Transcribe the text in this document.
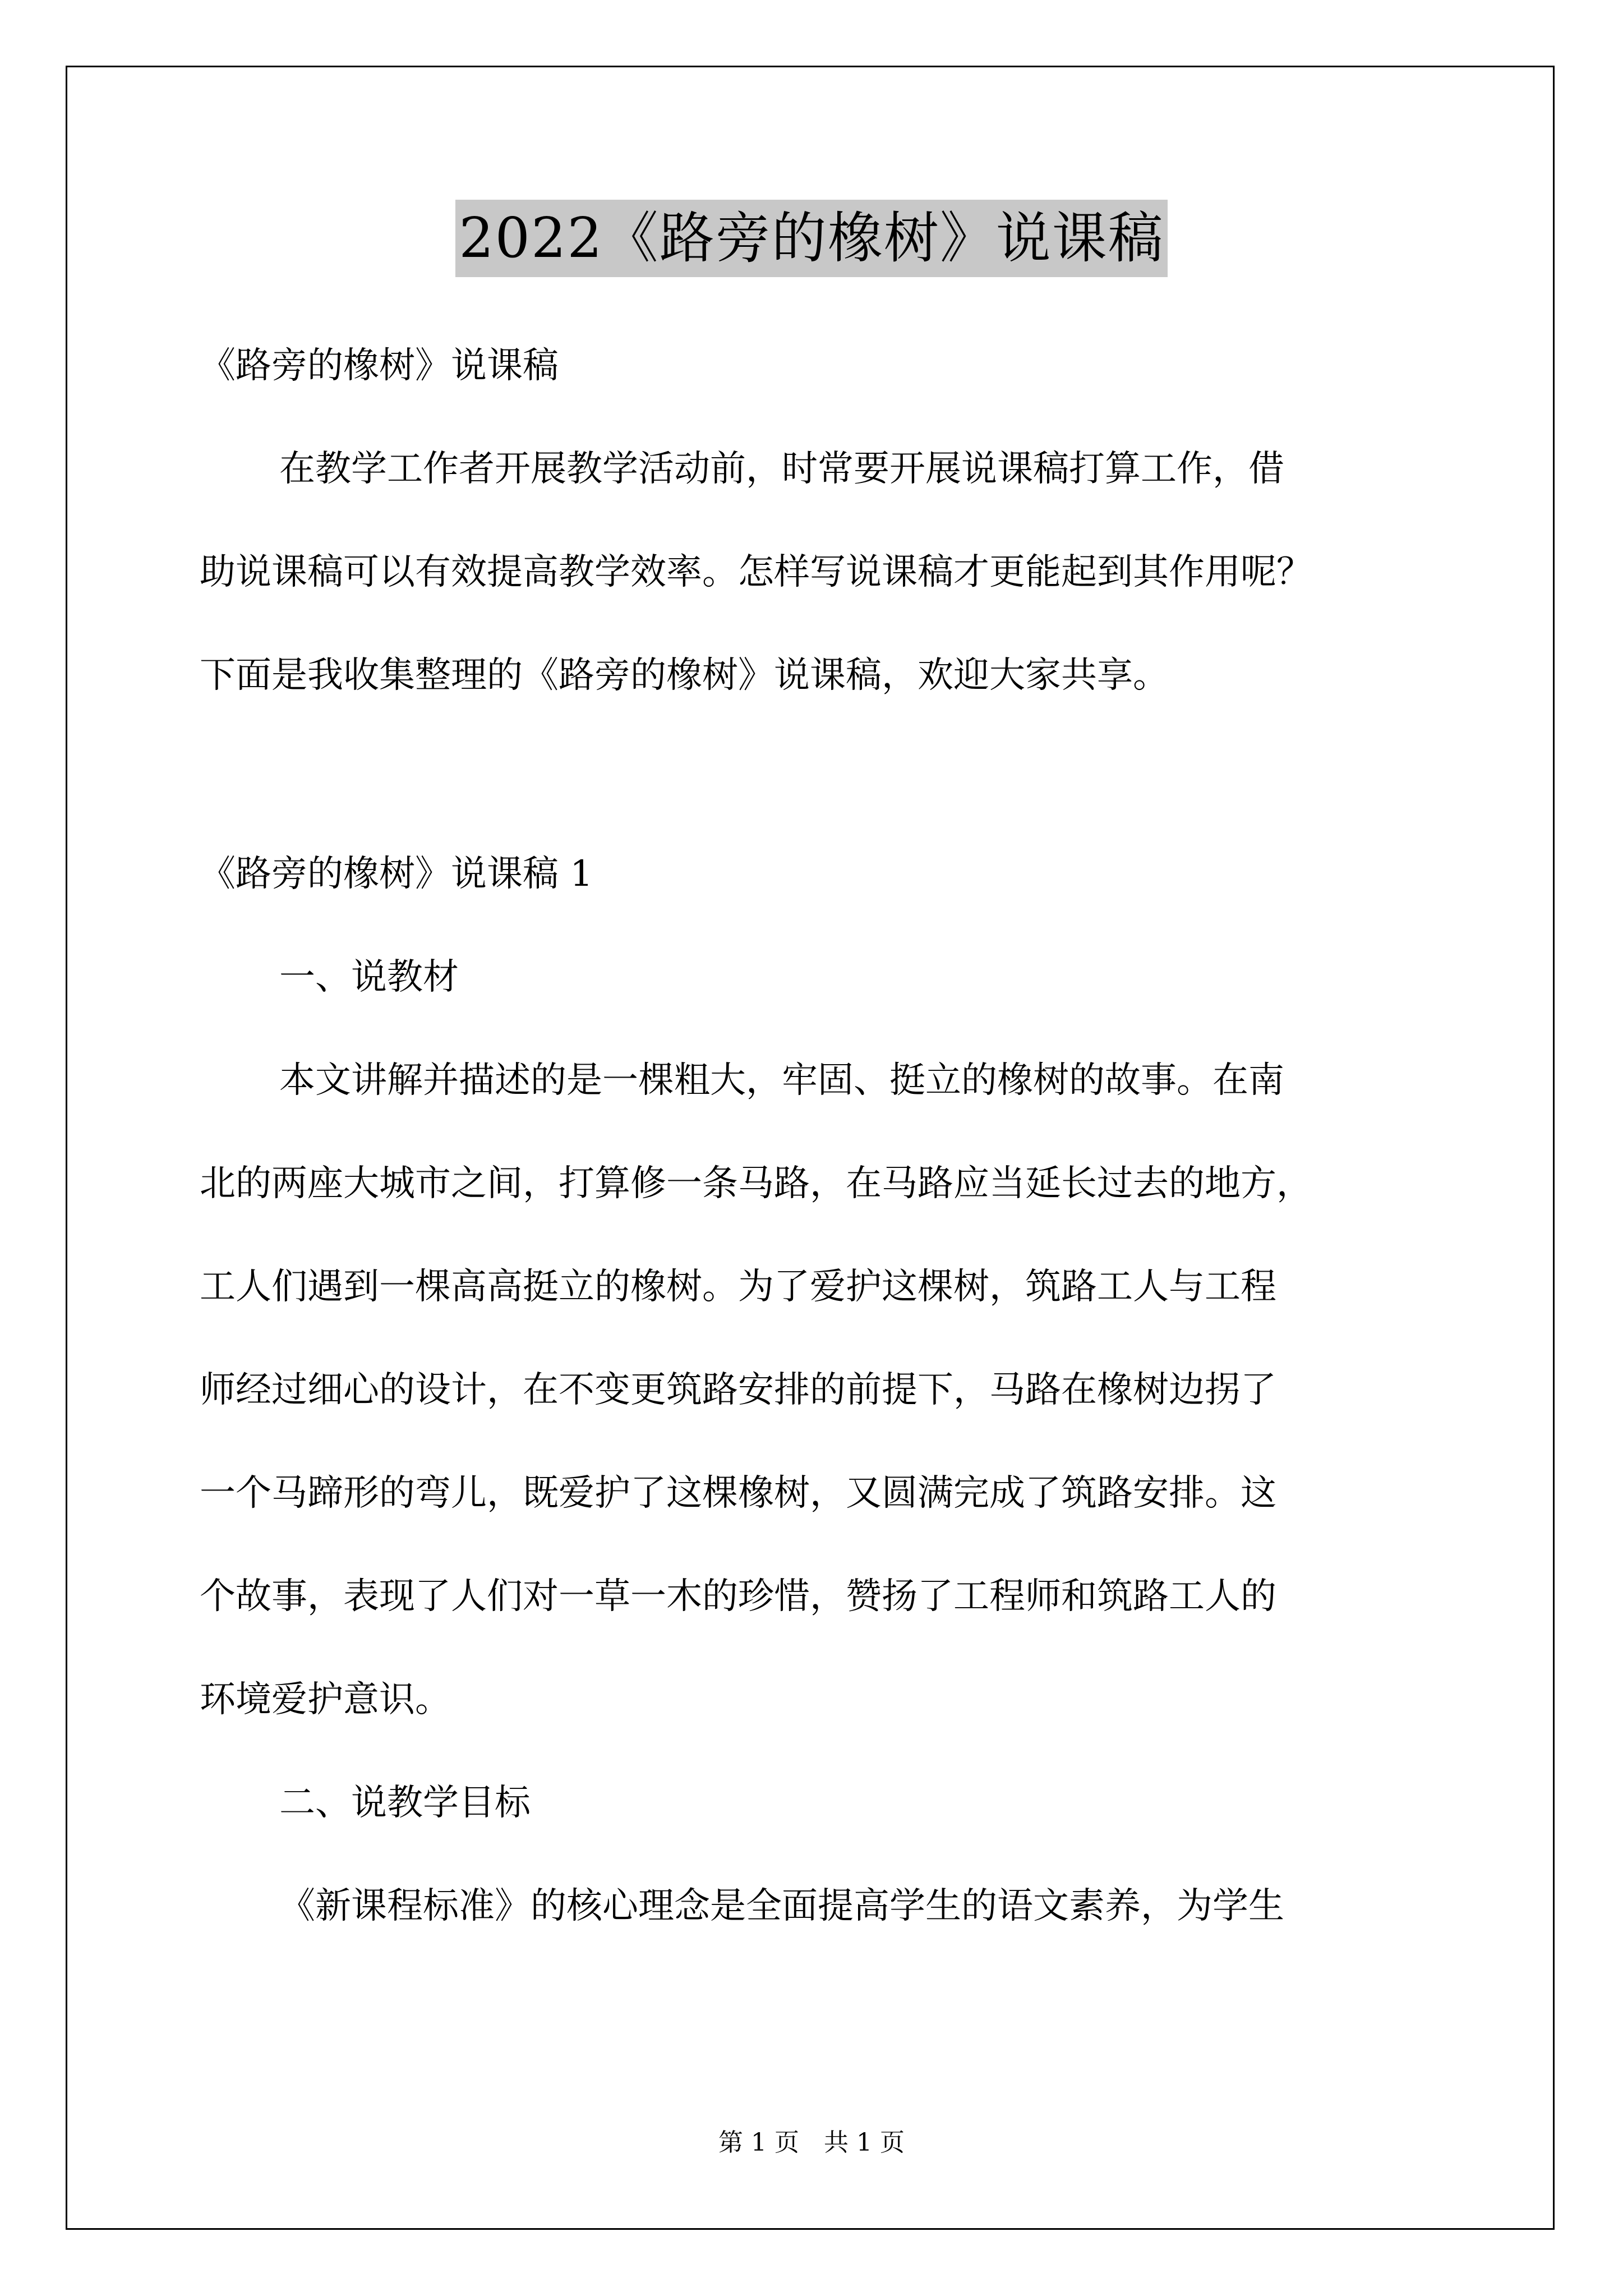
2022《路旁的橡树》说课稿
《路旁的橡树》说课稿
在教学工作者开展教学活动前，时常要开展说课稿打算工作，借
助说课稿可以有效提高教学效率。怎样写说课稿才更能起到其作用呢？
下面是我收集整理的《路旁的橡树》说课稿，欢迎大家共享。
《路旁的橡树》说课稿 1
一、说教材
本文讲解并描述的是一棵粗大，牢固、挺立的橡树的故事。在南
北的两座大城市之间，打算修一条马路，在马路应当延长过去的地方，
工人们遇到一棵高高挺立的橡树。为了爱护这棵树，筑路工人与工程
师经过细心的设计，在不变更筑路安排的前提下，马路在橡树边拐了
一个马蹄形的弯儿，既爱护了这棵橡树，又圆满完成了筑路安排。这
个故事，表现了人们对一草一木的珍惜，赞扬了工程师和筑路工人的
环境爱护意识。
二、说教学目标
《新课程标准》的核心理念是全面提高学生的语文素养，为学生
第 1 页 共 1 页
